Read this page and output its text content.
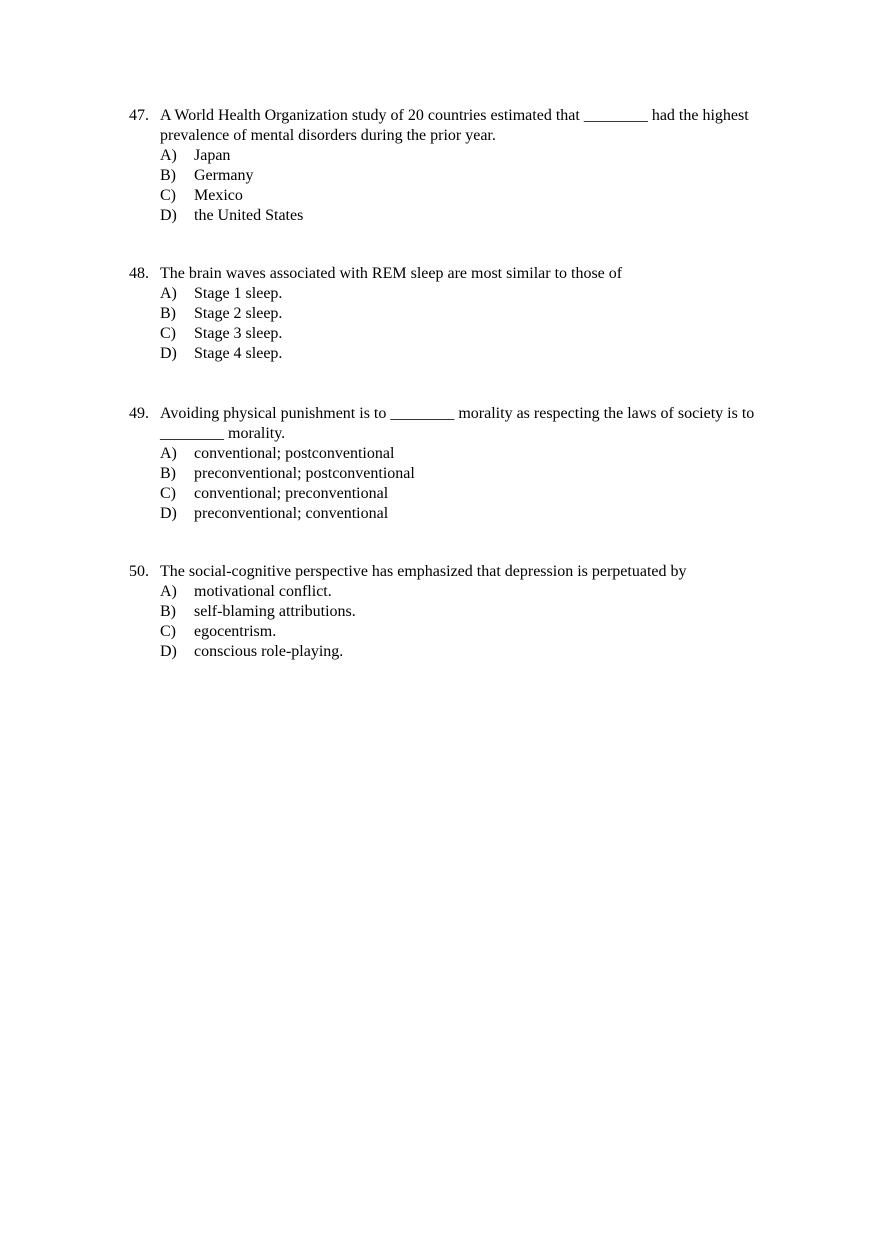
47. A World Health Organization study of 20 countries estimated that ________ had the highest prevalence of mental disorders during the prior year.
A)	Japan
B)	Germany
C)	Mexico
D)	the United States
48. The brain waves associated with REM sleep are most similar to those of
A)	Stage 1 sleep.
B)	Stage 2 sleep.
C)	Stage 3 sleep.
D)	Stage 4 sleep.
49. Avoiding physical punishment is to ________ morality as respecting the laws of society is to ________ morality.
A)	conventional; postconventional
B)	preconventional; postconventional
C)	conventional; preconventional
D)	preconventional; conventional
50. The social-cognitive perspective has emphasized that depression is perpetuated by
A)	motivational conflict.
B)	self-blaming attributions.
C)	egocentrism.
D)	conscious role-playing.
